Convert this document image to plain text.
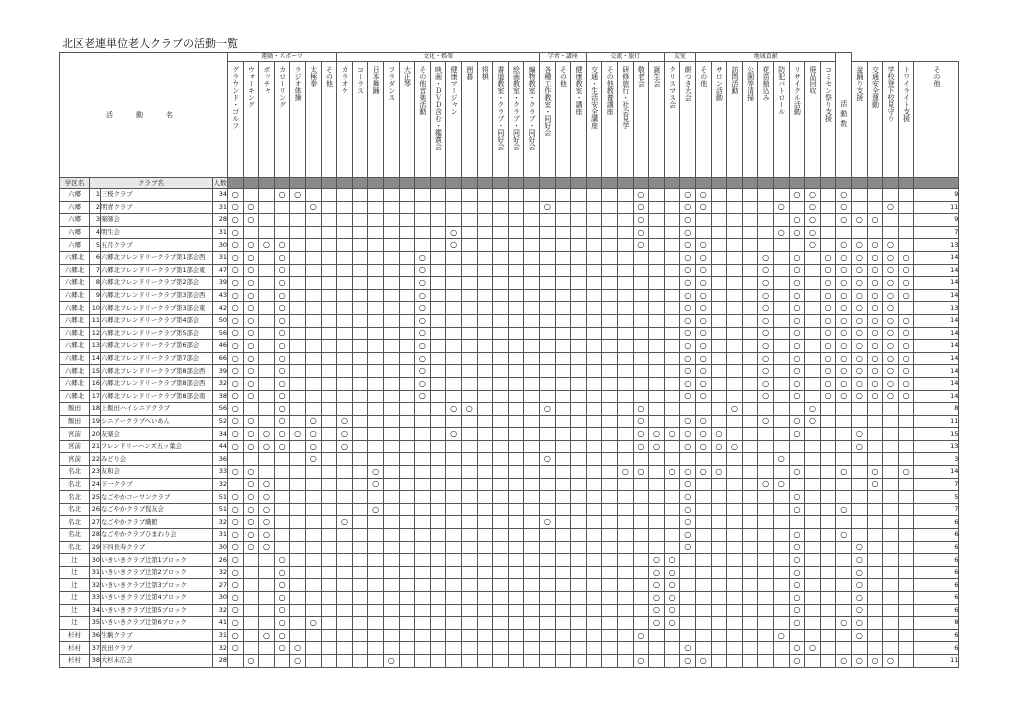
北区老連単位老人クラブの活動一覧
活　動　名				運動・スポーツ							文化・娯楽													学習・講座			交流・旅行					友愛		地域貢献									活動数					

				グラウンド・ゴルフ	ウォーキング	ボッチャ	カローリング	ラジオ体操	太極拳	その他	カラオケ	コーラス	日本舞踊	フラダンス	大正琴	その他音楽活動	映画・ＤＶＤ含む・鑑賞会	健康マージャン	囲碁	将棋	書道教室・クラブ・同好会	絵画教室・クラブ・同好会	編物教室・クラブ・同好会	各種工作教室・同好会	その他	健康教室・講座	交通・生活安全講座	その他教養講座	研修旅行・社会見学	敬老会	誕生会	クリスマス会	餅つき大会	その他	サロン活動	訪問活動	公園等清掃	花苗植込み	防犯パトロール	リサイクル活動	廃品回収	コミセン祭り支援		盆踊り支援	交通安全運動	学校登下校見守り	トワイライト支援	その他

学区名	クラブ名		人数																																													
六郷	1	三桜クラブ	34	○			○	○																						○			○	○						○	○		○					9
六郷	2	明青クラブ	31	○	○				○															○						○			○	○					○		○		○			○		11
六郷	3	楽師会	28	○	○																									○			○							○	○		○	○	○			9
六郷	4	明生会	31	○														○												○			○						○	○	○							7
六郷	5	五月クラブ	30	○	○	○	○											○												○			○	○							○		○	○	○	○		13
六郷北	6	六郷北フレンドリークラブ第1部会西	31	○	○		○									○																	○	○				○		○		○	○	○	○	○	○	14
六郷北	7	六郷北フレンドリークラブ第1部会東	47	○	○		○									○																	○	○				○		○		○	○	○	○	○	○	14
六郷北	8	六郷北フレンドリークラブ第2部会	39	○	○		○									○																	○	○				○		○		○	○	○	○	○	○	14
六郷北	9	六郷北フレンドリークラブ第3部会西	43	○	○		○									○																	○	○				○		○		○	○	○	○	○	○	14
六郷北	10	六郷北フレンドリークラブ第3部会東	42	○	○		○									○																	○	○				○		○		○	○	○	○	○		13
六郷北	11	六郷北フレンドリークラブ第4部会	50	○	○		○									○																	○	○				○		○		○	○	○	○	○	○	14
六郷北	12	六郷北フレンドリークラブ第5部会	56	○	○		○									○																	○	○				○		○		○	○	○	○	○	○	14
六郷北	13	六郷北フレンドリークラブ第6部会	46	○	○		○									○																	○	○				○		○		○	○	○	○	○	○	14
六郷北	14	六郷北フレンドリークラブ第7部会	66	○	○		○									○																	○	○				○		○		○	○	○	○	○	○	14
六郷北	15	六郷北フレンドリークラブ第8部会西	39	○	○		○									○																	○	○				○		○		○	○	○	○	○	○	14
六郷北	16	六郷北フレンドリークラブ第8部会西	32	○	○		○									○																	○	○				○		○		○	○	○	○	○	○	14
六郷北	17	六郷北フレンドリークラブ第8部会南	38	○	○		○									○																	○	○				○		○		○	○	○	○	○	○	14
飯田	18	上飯田ハイシニアクラブ	56	○			○											○	○					○						○						○					○							8
飯田	19	シニアークラブへいあん	52	○	○		○		○		○																			○			○	○				○		○	○							11
宮前	20	友楽会	34	○	○	○	○	○	○		○							○												○	○	○	○	○	○					○				○				15
宮前	21	フレンドリーハンズ五ッ葉会	44	○	○	○	○		○		○																			○	○		○	○	○	○								○				13
宮前	22	みどり会	36						○															○															○									3
名北	23	友和会	33	○	○								○																○	○		○	○	○	○					○			○		○		○	14
名北	24	下一クラブ	32		○	○							○																				○					○	○						○			7
名北	25	なごやかコーワンクラブ	51	○	○	○																											○							○								5
名北	26	なごやかクラブ惺友会	51	○	○	○							○																				○							○			○					7
名北	27	なごやかクラブ織館	32	○	○	○					○													○									○															6
名北	28	なごやかクラブひまわり会	31	○	○	○																											○							○			○					6
名北	29	下四長寿クラブ	30	○	○	○																											○							○				○				6
辻	30	いきいきクラブ辻第1ブロック	26	○			○																								○	○								○				○				6
辻	31	いきいきクラブ辻第2ブロック	32	○			○																								○	○								○				○				6
辻	32	いきいきクラブ辻第3ブロック	27	○			○																								○	○								○				○				6
辻	33	いきいきクラブ辻第4ブロック	30	○			○																								○	○								○				○				6
辻	34	いきいきクラブ辻第5ブロック	32	○			○																								○	○								○				○				6
辻	35	いきいきクラブ辻第6ブロック	41	○			○		○																						○	○								○			○	○				8
杉村	36	生駒クラブ	31	○		○	○																							○									○					○				6
杉村	37	長田クラブ	32	○			○	○																									○							○	○							6
杉村	38	大杉末広会	28		○			○						○																○			○	○						○			○	○	○	○		11
